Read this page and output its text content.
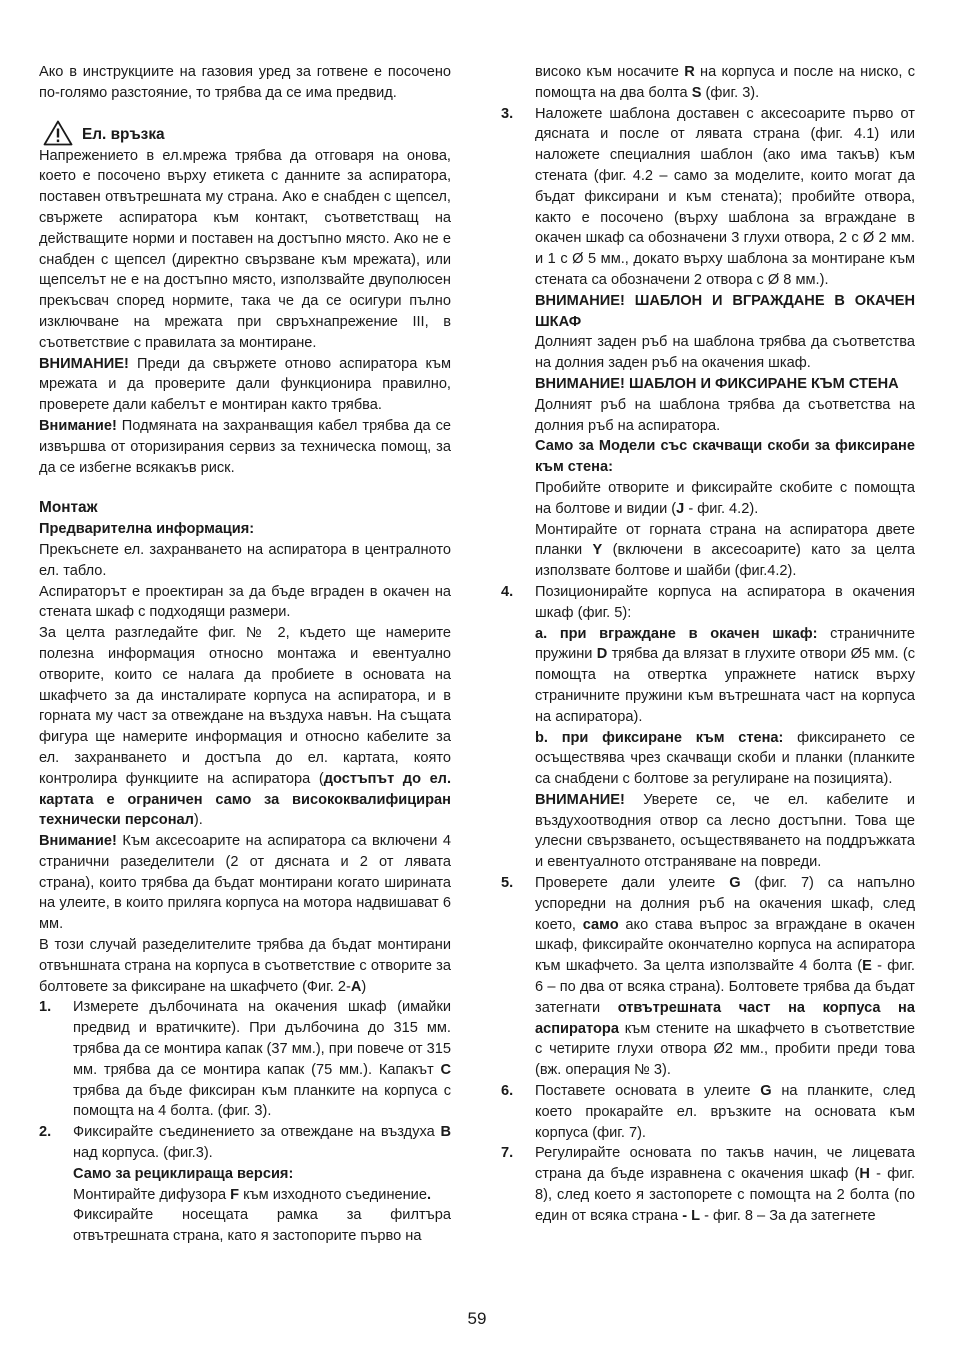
Ако в инструкциите на газовия уред за готвене е посочено по-голямо разстояние, то трябва да се има предвид.

Ел. връзка

Напрежението в ел.мрежа трябва да отговаря на онова, което е посочено върху етикета с данните за аспиратора, поставен отвътрешната му страна. Ако е снабден с щепсел, свържете аспиратора към контакт, съответстващ на действащите норми и поставен на достъпно място. Ако не е снабден с щепсел (директно свързване към мрежата), или щепселът не е на достъпно място, използвайте двуполюсен прекъсвач според нормите, така че да се осигури пълно изключване на мрежата при свръхнапрежение III, в съответствие с правилата за монтиране.

ВНИМАНИЕ! Преди да свържете отново аспиратора към мрежата и да проверите дали функционира правилно, проверете дали кабелът е монтиран както трябва.

Внимание! Подмяната на захранващия кабел трябва да се извършва от оторизирания сервиз за техническа помощ, за да се избегне всякакъв риск.

Монтаж

Предварителна информация:

Прекъснете ел. захранването на аспиратора в централното ел. табло.

Аспираторът е проектиран за да бъде вграден в окачен на стената шкаф с подходящи размери.

За целта разгледайте фиг. № 2, където ще намерите полезна информация относно монтажа и евентуално отворите, които се налага да пробиете в основата на шкафчето за да инсталирате корпуса на аспиратора, и в горната му част за отвеждане на въздуха навън. На същата фигура ще намерите информация и относно кабелите за ел. захранването и достъпа до ел. картата, която контролира функциите на аспиратора (достъпът до ел. картата е ограничен само за висококвалифициран технически персонал).

Внимание! Към аксесоарите на аспиратора са включени 4 странични разеделители (2 от дясната и 2 от лявата страна), които трябва да бъдат монтирани когато ширината на улеите, в които приляга корпуса на мотора надвишават 6 мм.

В този случай разеделителите трябва да бъдат монтирани отвъншната страна на корпуса в съответствие с отворите за болтовете за фиксиране на шкафчето (Фиг. 2-A)

1. Измерете дълбочината на окачения шкаф (имайки предвид и вратичките). При дълбочина до 315 мм. трябва да се монтира капак (37 мм.), при повече от 315 мм. трябва да се монтира капак (75 мм.). Капакът C трябва да бъде фиксиран към планките на корпуса с помощта на 4 болта. (фиг. 3).

2. Фиксирайте съединението за отвеждане на въздуха B над корпуса. (фиг.3).

Само за рециклираща версия:

Монтирайте дифузора F към изходното съединение.

Фиксирайте носещата рамка за филтъра отвътрешната страна, като я застопорите първо на

високо към носачите R на корпуса и после на ниско, с помощта на два болта S (фиг. 3).

3. Наложете шаблона доставен с аксесоарите първо от дясната и после от лявата страна (фиг. 4.1) или наложете специалния шаблон (ако има такъв) към стената (фиг. 4.2 – само за моделите, които могат да бъдат фиксирани и към стената); пробийте отвора, както е посочено (върху шаблона за вграждане в окачен шкаф са обозначени 3 глухи отвора, 2 с Ø 2 мм. и 1 с Ø 5 мм., докато върху шаблона за монтиране към стената са обозначени 2 отвора с Ø 8 мм.).

ВНИМАНИЕ! ШАБЛОН И ВГРАЖДАНЕ В ОКАЧЕН ШКАФ

Долният заден ръб на шаблона трябва да съответства на долния заден ръб на окачения шкаф.

ВНИМАНИЕ! ШАБЛОН И ФИКСИРАНЕ КЪМ СТЕНА

Долният ръб на шаблона трябва да съответства на долния ръб на аспиратора.

Само за Модели със скачващи скоби за фиксиране към стена:

Пробийте отворите и фиксирайте скобите с помощта на болтове и видии (J - фиг. 4.2).

Монтирайте от горната страна на аспиратора двете планки Y (включени в аксесоарите) като за целта използвате болтове и шайби (фиг.4.2).

4. Позиционирайте корпуса на аспиратора в окачения шкаф (фиг. 5):

a. при вграждане в окачен шкаф: страничните пружини D трябва да влязат в глухите отвори Ø5 мм. (с помощта на отвертка упражнете натиск върху страничните пружини към вътрешната част на корпуса на аспиратора).

b. при фиксиране към стена: фиксирането се осъществява чрез скачващи скоби и планки (планките са снабдени с болтове за регулиране на позицията).

ВНИМАНИЕ! Уверете се, че ел. кабелите и въздухоотводния отвор са лесно достъпни. Това ще улесни свързването, осъществяването на поддръжката и евентуалното отстраняване на повреди.

5. Проверете дали улеите G (фиг. 7) са напълно успоредни на долния ръб на окачения шкаф, след което, само ако става въпрос за вграждане в окачен шкаф, фиксирайте окончателно корпуса на аспиратора към шкафчето. За целта използвайте 4 болта (E - фиг. 6 – по два от всяка страна). Болтовете трябва да бъдат затегнати отвътрешната част на корпуса на аспиратора към стените на шкафчето в съответствие с четирите глухи отвора Ø2 мм., пробити преди това (вж. операция № 3).

6. Поставете основата в улеите G на планките, след което прокарайте ел. връзките на основата към корпуса (фиг. 7).

7. Регулирайте основата по такъв начин, че лицевата страна да бъде изравнена с окачения шкаф (H - фиг. 8), след което я застопорете с помощта на 2 болта (по един от всяка страна - L - фиг. 8 – За да затегнете

59
